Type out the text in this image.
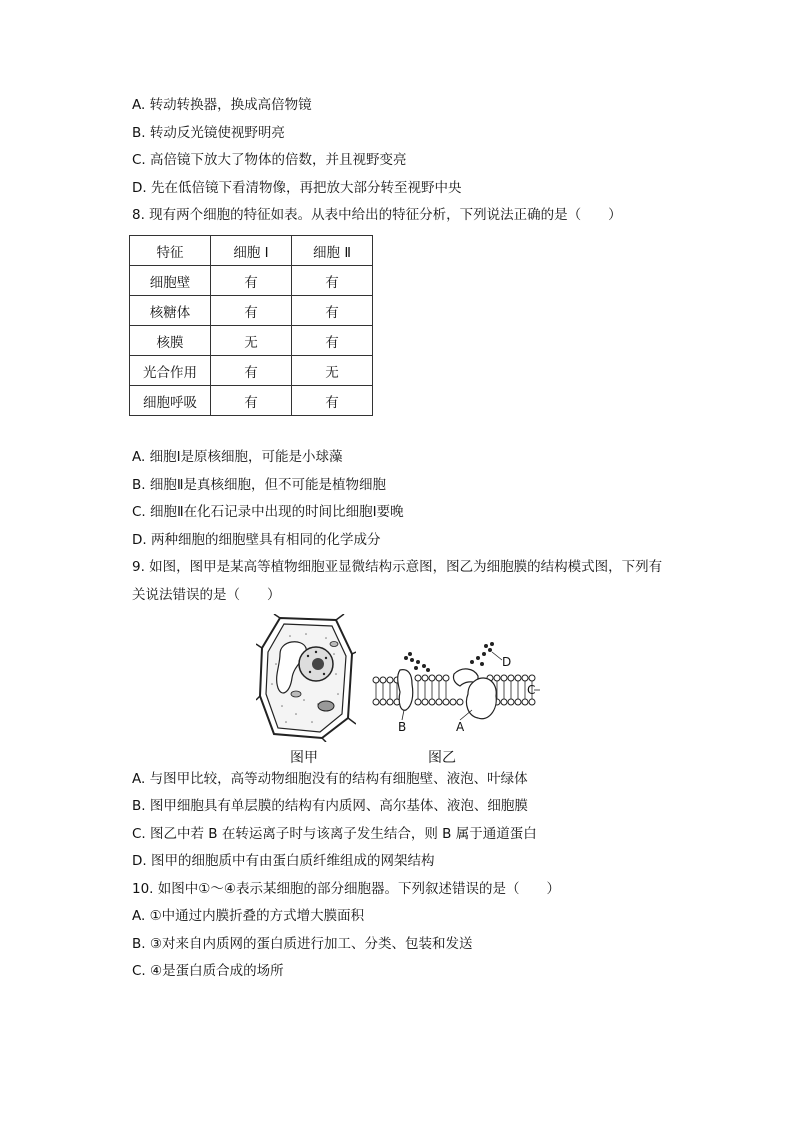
A. 转动转换器，换成高倍物镜
B. 转动反光镜使视野明亮
C. 高倍镜下放大了物体的倍数，并且视野变亮
D. 先在低倍镜下看清物像，再把放大部分转至视野中央
8. 现有两个细胞的特征如表。从表中给出的特征分析，下列说法正确的是（　　）
特征	细胞 Ⅰ	细胞 Ⅱ
细胞壁	有	有
核糖体	有	有
核膜	无	有
光合作用	有	无
细胞呼吸	有	有
A. 细胞Ⅰ是原核细胞，可能是小球藻
B. 细胞Ⅱ是真核细胞，但不可能是植物细胞
C. 细胞Ⅱ在化石记录中出现的时间比细胞Ⅰ要晚
D. 两种细胞的细胞壁具有相同的化学成分
9. 如图，图甲是某高等植物细胞亚显微结构示意图，图乙为细胞膜的结构模式图，下列有
关说法错误的是（　　）
B	A
C
D
图甲	图乙
A. 与图甲比较，高等动物细胞没有的结构有细胞壁、液泡、叶绿体
B. 图甲细胞具有单层膜的结构有内质网、高尔基体、液泡、细胞膜
C. 图乙中若 B 在转运离子时与该离子发生结合，则 B 属于通道蛋白
D. 图甲的细胞质中有由蛋白质纤维组成的网架结构
10. 如图中①～④表示某细胞的部分细胞器。下列叙述错误的是（　　）
A. ①中通过内膜折叠的方式增大膜面积
B. ③对来自内质网的蛋白质进行加工、分类、包装和发送
C. ④是蛋白质合成的场所
